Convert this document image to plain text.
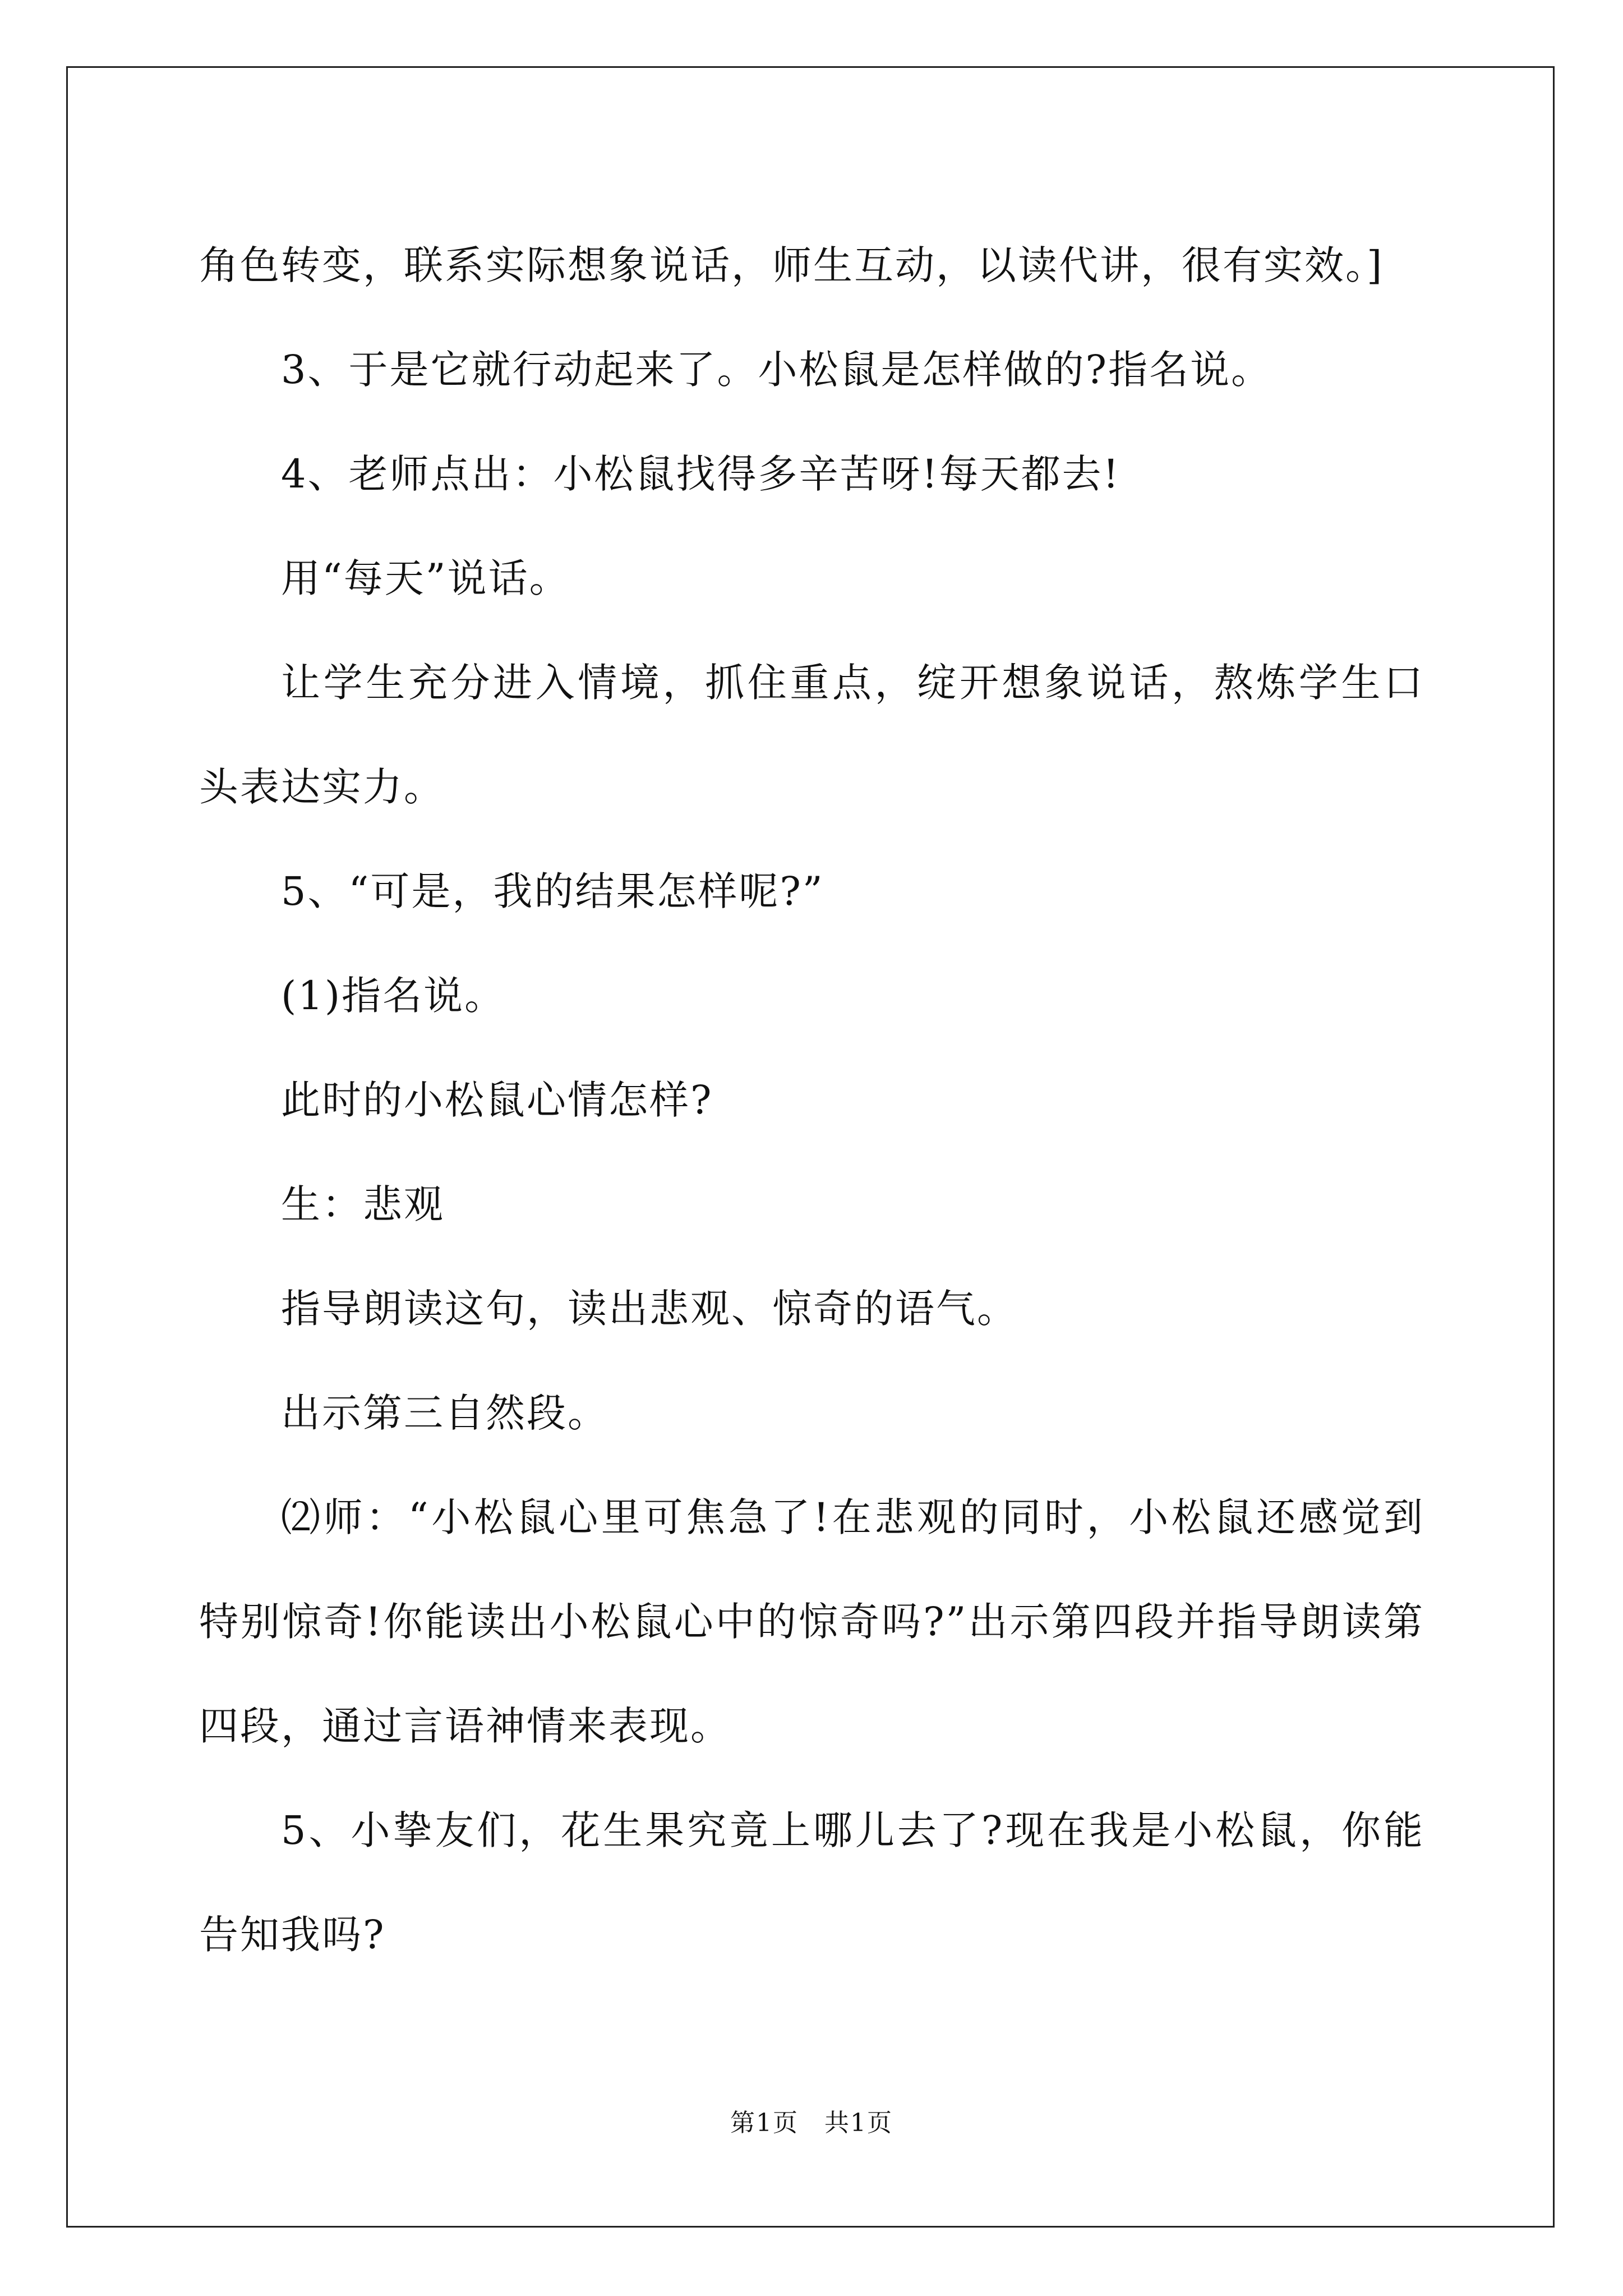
角色转变，联系实际想象说话，师生互动，以读代讲，很有实效。]

3、于是它就行动起来了。小松鼠是怎样做的?指名说。

4、老师点出：小松鼠找得多辛苦呀!每天都去!

用“每天”说话。

让学生充分进入情境，抓住重点，绽开想象说话，熬炼学生口头表达实力。

5、“可是，我的结果怎样呢?”

(1)指名说。

此时的小松鼠心情怎样?

生：悲观

指导朗读这句，读出悲观、惊奇的语气。

出示第三自然段。

⑵师：“小松鼠心里可焦急了!在悲观的同时，小松鼠还感觉到特别惊奇!你能读出小松鼠心中的惊奇吗?”出示第四段并指导朗读第四段，通过言语神情来表现。

5、小挚友们，花生果究竟上哪儿去了?现在我是小松鼠，你能告知我吗?

第1页　共1页
